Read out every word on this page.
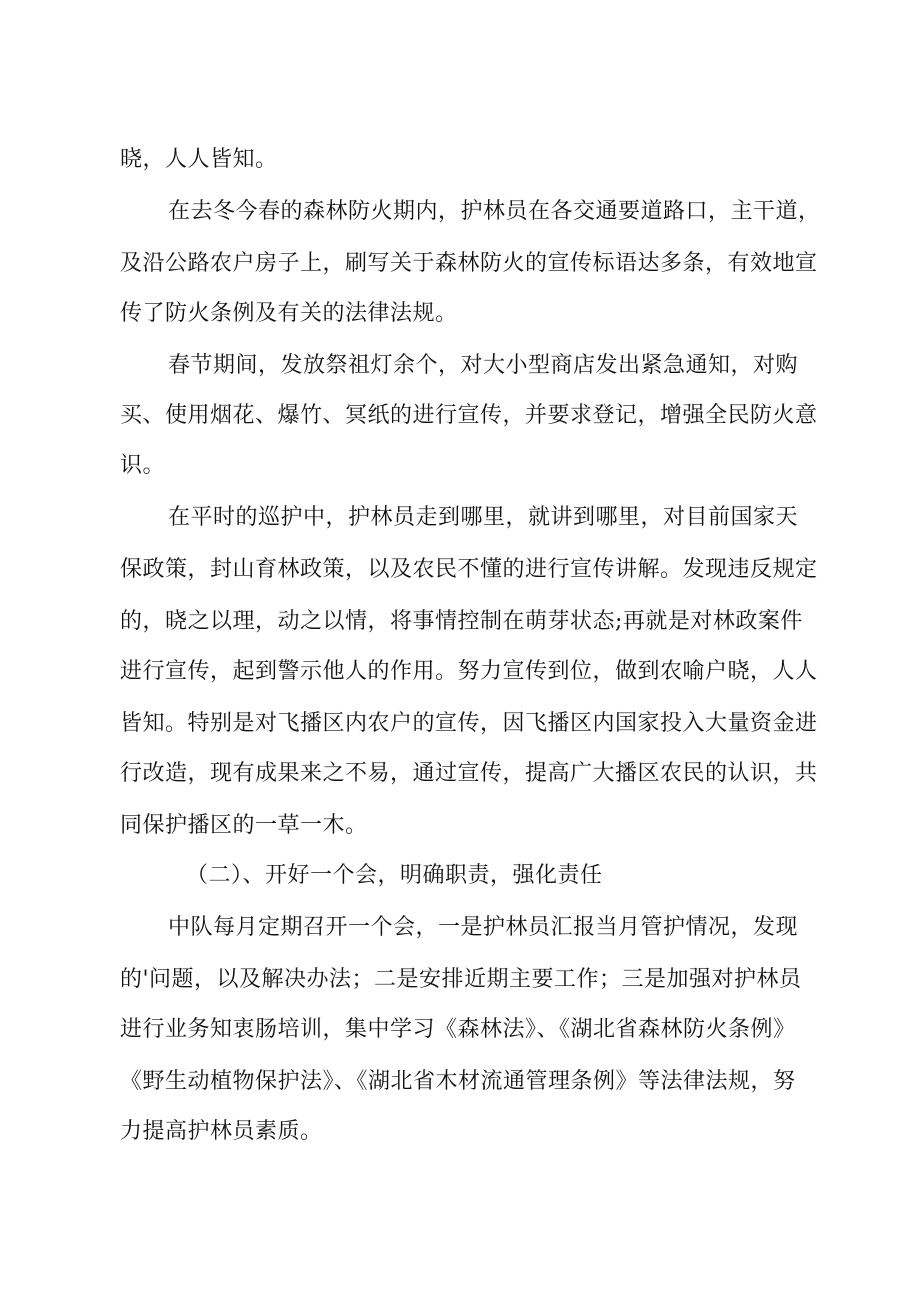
晓，人人皆知。
在去冬今春的森林防火期内，护林员在各交通要道路口，主干道，
及沿公路农户房子上，刷写关于森林防火的宣传标语达多条，有效地宣
传了防火条例及有关的法律法规。
春节期间，发放祭祖灯余个，对大小型商店发出紧急通知，对购
买、使用烟花、爆竹、冥纸的进行宣传，并要求登记，增强全民防火意
识。
在平时的巡护中，护林员走到哪里，就讲到哪里，对目前国家天
保政策，封山育林政策，以及农民不懂的进行宣传讲解。发现违反规定
的，晓之以理，动之以情，将事情控制在萌芽状态;再就是对林政案件
进行宣传，起到警示他人的作用。努力宣传到位，做到农喻户晓，人人
皆知。特别是对飞播区内农户的宣传，因飞播区内国家投入大量资金进
行改造，现有成果来之不易，通过宣传，提高广大播区农民的认识，共
同保护播区的一草一木。
（二）、开好一个会，明确职责，强化责任
中队每月定期召开一个会，一是护林员汇报当月管护情况，发现
的'问题，以及解决办法；二是安排近期主要工作；三是加强对护林员
进行业务知衷肠培训，集中学习《森林法》、《湖北省森林防火条例》
《野生动植物保护法》、《湖北省木材流通管理条例》等法律法规，努
力提高护林员素质。
